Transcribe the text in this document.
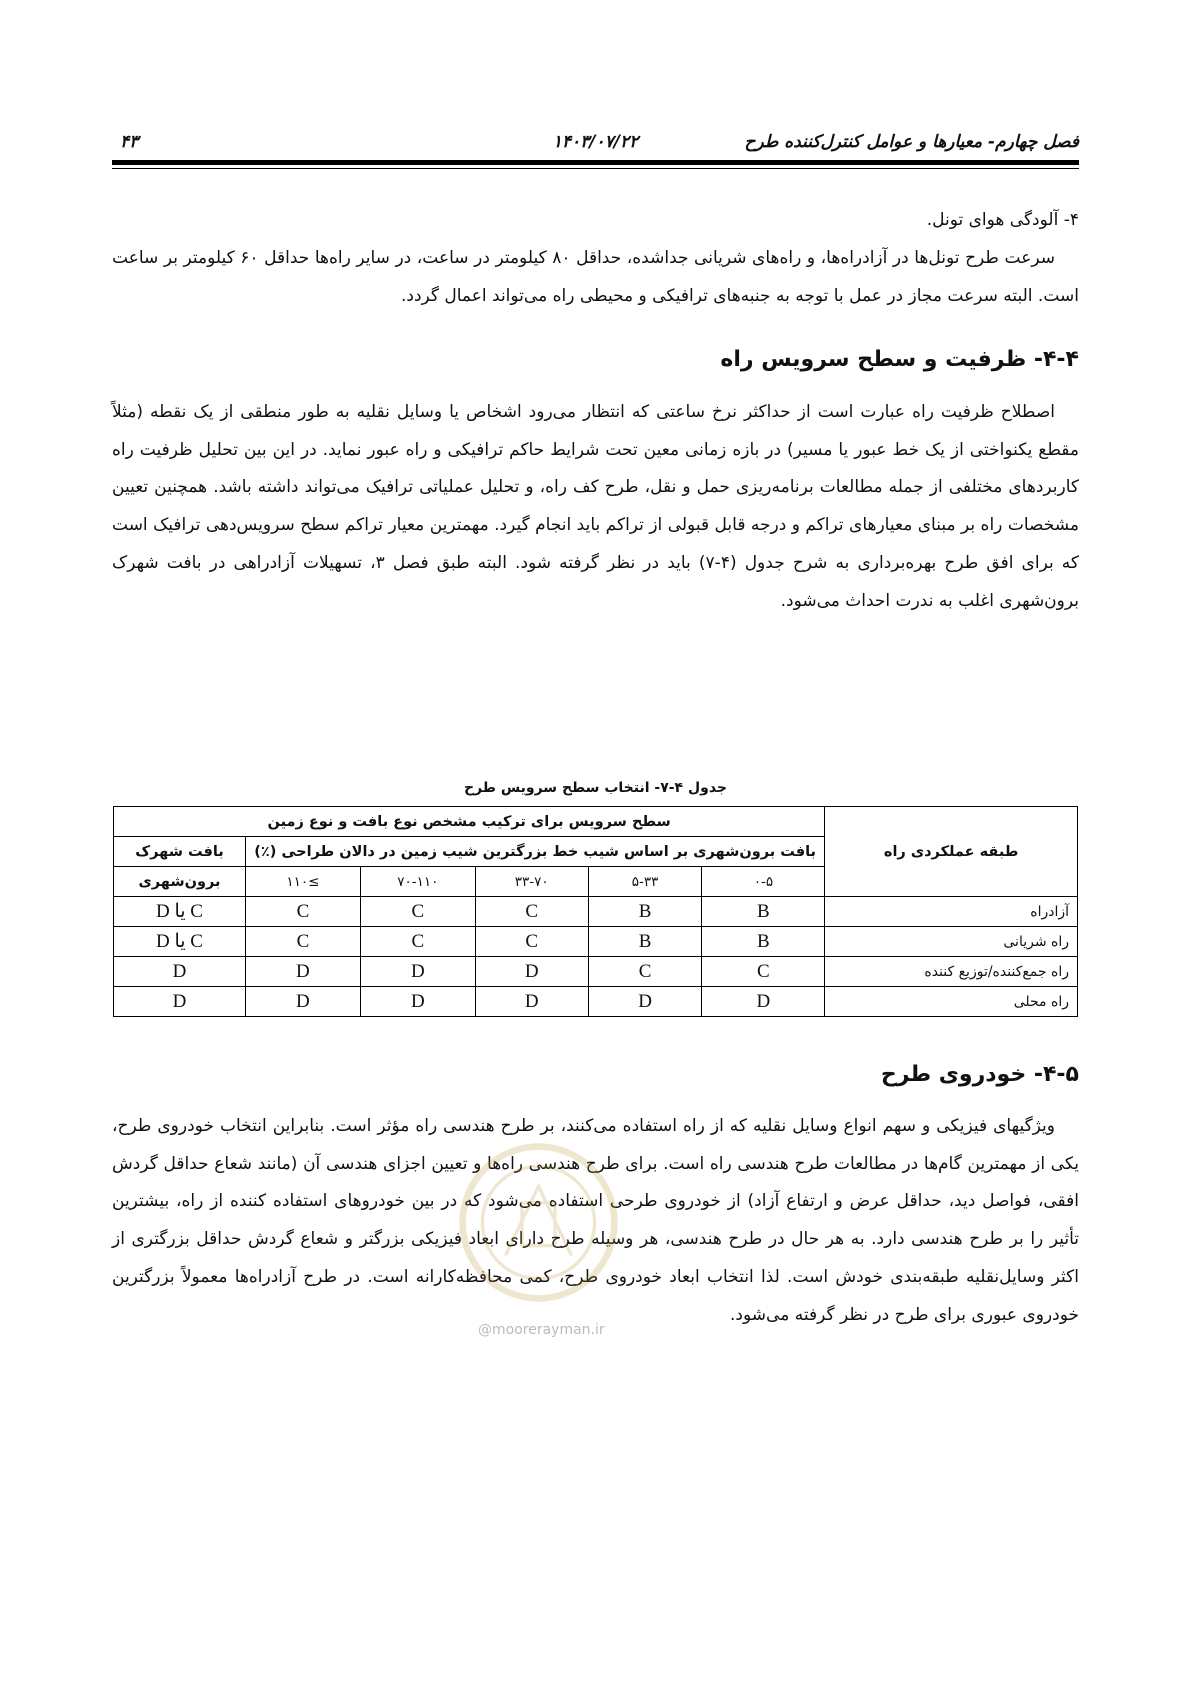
فصل چهارم- معیارها و عوامل کنترل‌کننده طرح
۱۴۰۳/۰۷/۲۲
۴۳
۴- آلودگی هوای تونل.
سرعت طرح تونل‌ها در آزادراه‌ها، و راه‌های شریانی جداشده، حداقل ۸۰ کیلومتر در ساعت، در سایر راه‌ها حداقل ۶۰ کیلومتر بر ساعت است. البته سرعت مجاز در عمل با توجه به جنبه‌های ترافیکی و محیطی راه می‌تواند اعمال گردد.
۴-۴- ظرفیت و سطح سرویس راه
اصطلاح ظرفیت راه عبارت است از حداکثر نرخ ساعتی که انتظار می‌رود اشخاص یا وسایل نقلیه به طور منطقی از یک نقطه (مثلاً مقطع یکنواختی از یک خط عبور یا مسیر) در بازه زمانی معین تحت شرایط حاکم ترافیکی و راه عبور نماید. در این بین تحلیل ظرفیت راه کاربردهای مختلفی از جمله مطالعات برنامه‌ریزی حمل و نقل، طرح کف راه، و تحلیل عملیاتی ترافیک می‌تواند داشته باشد. همچنین تعیین مشخصات راه بر مبنای معیارهای تراکم و درجه قابل قبولی از تراکم باید انجام گیرد. مهمترین معیار تراکم سطح سرویس‌دهی ترافیک است که برای افق طرح بهره‌برداری به شرح جدول (۴-۷) باید در نظر گرفته شود. البته طبق فصل ۳، تسهیلات آزادراهی در بافت شهرک برون‌شهری اغلب به ندرت احداث می‌شود.
جدول ۴-۷- انتخاب سطح سرویس طرح
طبقه عملکردی راه	سطح سرویس برای ترکیب مشخص نوع بافت و نوع زمین					
	بافت برون‌شهری بر اساس شیب خط بزرگترین شیب زمین در دالان طراحی (٪)					بافت شهرک
	۰-۵	۵-۳۳	۳۳-۷۰	۷۰-۱۱۰	≥۱۱۰	برون‌شهری
آزادراه	B	B	C	C	C	C یا D
راه شریانی	B	B	C	C	C	C یا D
راه جمع‌کننده/توزیع کننده	C	C	D	D	D	D
راه محلی	D	D	D	D	D	D
۴-۵- خودروی طرح
ویژگیهای فیزیکی و سهم انواع وسایل نقلیه که از راه استفاده می‌کنند، بر طرح هندسی راه مؤثر است. بنابراین انتخاب خودروی طرح، یکی از مهمترین گام‌ها در مطالعات طرح هندسی راه است. برای طرح هندسی راه‌ها و تعیین اجزای هندسی آن (مانند شعاع حداقل گردش افقی، فواصل دید، حداقل عرض و ارتفاع آزاد) از خودروی طرحی استفاده می‌شود که در بین خودروهای استفاده کننده از راه، بیشترین تأثیر را بر طرح هندسی دارد. به هر حال در طرح هندسی، هر وسیله طرح دارای ابعاد فیزیکی بزرگتر و شعاع گردش حداقل بزرگتری از اکثر وسایل‌نقلیه طبقه‌بندی خودش است. لذا انتخاب ابعاد خودروی طرح، کمی محافظه‌کارانه است. در طرح آزادراه‌ها معمولاً بزرگترین خودروی عبوری برای طرح در نظر گرفته می‌شود.
@moorerayman.ir
